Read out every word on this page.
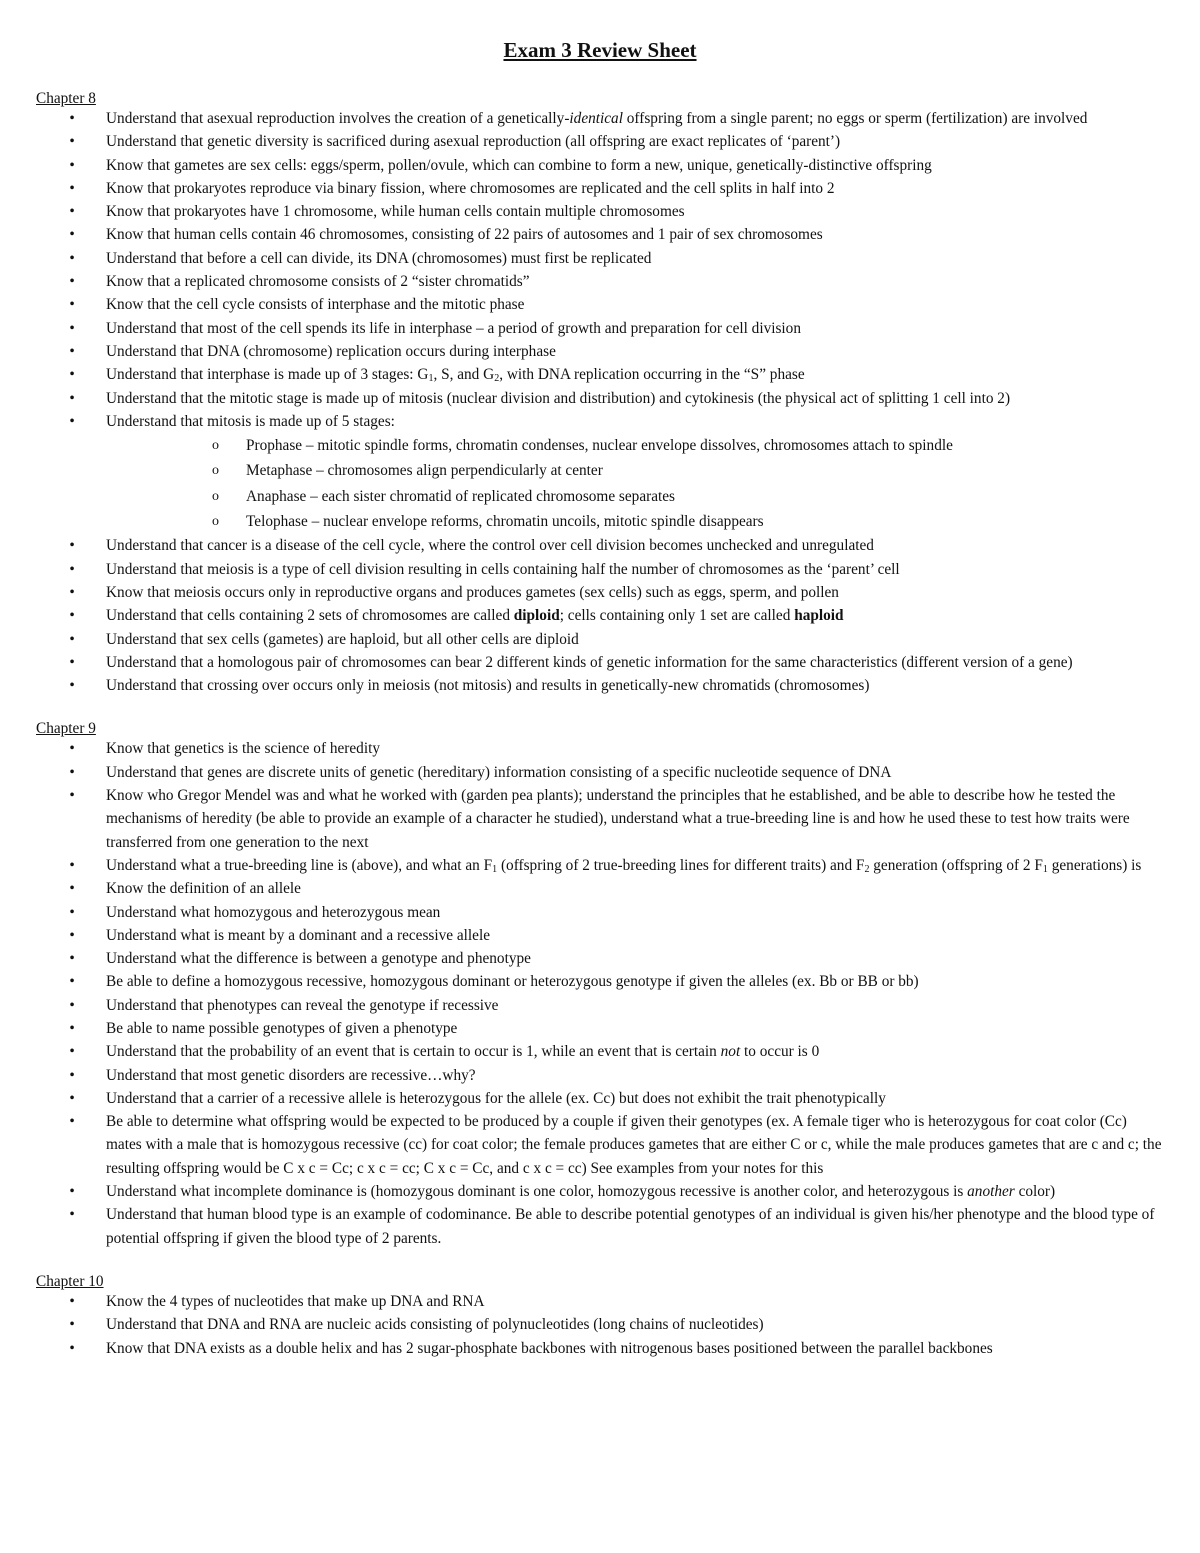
Exam 3 Review Sheet
Chapter 8
• Understand that asexual reproduction involves the creation of a genetically-identical offspring from a single parent; no eggs or sperm (fertilization) are involved
• Understand that genetic diversity is sacrificed during asexual reproduction (all offspring are exact replicates of ‘parent’)
• Know that gametes are sex cells: eggs/sperm, pollen/ovule, which can combine to form a new, unique, genetically-distinctive offspring
• Know that prokaryotes reproduce via binary fission, where chromosomes are replicated and the cell splits in half into 2
• Know that prokaryotes have 1 chromosome, while human cells contain multiple chromosomes
• Know that human cells contain 46 chromosomes, consisting of 22 pairs of autosomes and 1 pair of sex chromosomes
• Understand that before a cell can divide, its DNA (chromosomes) must first be replicated
• Know that a replicated chromosome consists of 2 “sister chromatids”
• Know that the cell cycle consists of interphase and the mitotic phase
• Understand that most of the cell spends its life in interphase – a period of growth and preparation for cell division
• Understand that DNA (chromosome) replication occurs during interphase
• Understand that interphase is made up of 3 stages: $G_1$, S, and $G_2$, with DNA replication occurring in the “S” phase
• Understand that the mitotic stage is made up of mitosis (nuclear division and distribution) and cytokinesis (the physical act of splitting 1 cell into 2)
• Understand that mitosis is made up of 5 stages:
o Prophase – mitotic spindle forms, chromatin condenses, nuclear envelope dissolves, chromosomes attach to spindle
o Metaphase – chromosomes align perpendicularly at center
o Anaphase – each sister chromatid of replicated chromosome separates
o Telophase – nuclear envelope reforms, chromatin uncoils, mitotic spindle disappears
• Understand that cancer is a disease of the cell cycle, where the control over cell division becomes unchecked and unregulated
• Understand that meiosis is a type of cell division resulting in cells containing half the number of chromosomes as the ‘parent’ cell
• Know that meiosis occurs only in reproductive organs and produces gametes (sex cells) such as eggs, sperm, and pollen
• Understand that cells containing 2 sets of chromosomes are called diploid; cells containing only 1 set are called haploid
• Understand that sex cells (gametes) are haploid, but all other cells are diploid
• Understand that a homologous pair of chromosomes can bear 2 different kinds of genetic information for the same characteristics (different version of a gene)
• Understand that crossing over occurs only in meiosis (not mitosis) and results in genetically-new chromatids (chromosomes)
Chapter 9
• Know that genetics is the science of heredity
• Understand that genes are discrete units of genetic (hereditary) information consisting of a specific nucleotide sequence of DNA
• Know who Gregor Mendel was and what he worked with (garden pea plants); understand the principles that he established, and be able to describe how he tested the mechanisms of heredity (be able to provide an example of a character he studied), understand what a true-breeding line is and how he used these to test how traits were transferred from one generation to the next
• Understand what a true-breeding line is (above), and what an $F_1$ (offspring of 2 true-breeding lines for different traits) and $F_2$ generation (offspring of 2 $F_1$ generations) is
• Know the definition of an allele
• Understand what homozygous and heterozygous mean
• Understand what is meant by a dominant and a recessive allele
• Understand what the difference is between a genotype and phenotype
• Be able to define a homozygous recessive, homozygous dominant or heterozygous genotype if given the alleles (ex. Bb or BB or bb)
• Understand that phenotypes can reveal the genotype if recessive
• Be able to name possible genotypes of given a phenotype
• Understand that the probability of an event that is certain to occur is 1, while an event that is certain not to occur is 0
• Understand that most genetic disorders are recessive…why?
• Understand that a carrier of a recessive allele is heterozygous for the allele (ex. Cc) but does not exhibit the trait phenotypically
• Be able to determine what offspring would be expected to be produced by a couple if given their genotypes (ex. A female tiger who is heterozygous for coat color (Cc) mates with a male that is homozygous recessive (cc) for coat color; the female produces gametes that are either C or c, while the male produces gametes that are c and c; the resulting offspring would be C x c = Cc; c x c = cc; C x c = Cc, and c x c = cc) See examples from your notes for this
• Understand what incomplete dominance is (homozygous dominant is one color, homozygous recessive is another color, and heterozygous is another color)
• Understand that human blood type is an example of codominance. Be able to describe potential genotypes of an individual is given his/her phenotype and the blood type of potential offspring if given the blood type of 2 parents.
Chapter 10
• Know the 4 types of nucleotides that make up DNA and RNA
• Understand that DNA and RNA are nucleic acids consisting of polynucleotides (long chains of nucleotides)
• Know that DNA exists as a double helix and has 2 sugar-phosphate backbones with nitrogenous bases positioned between the parallel backbones
